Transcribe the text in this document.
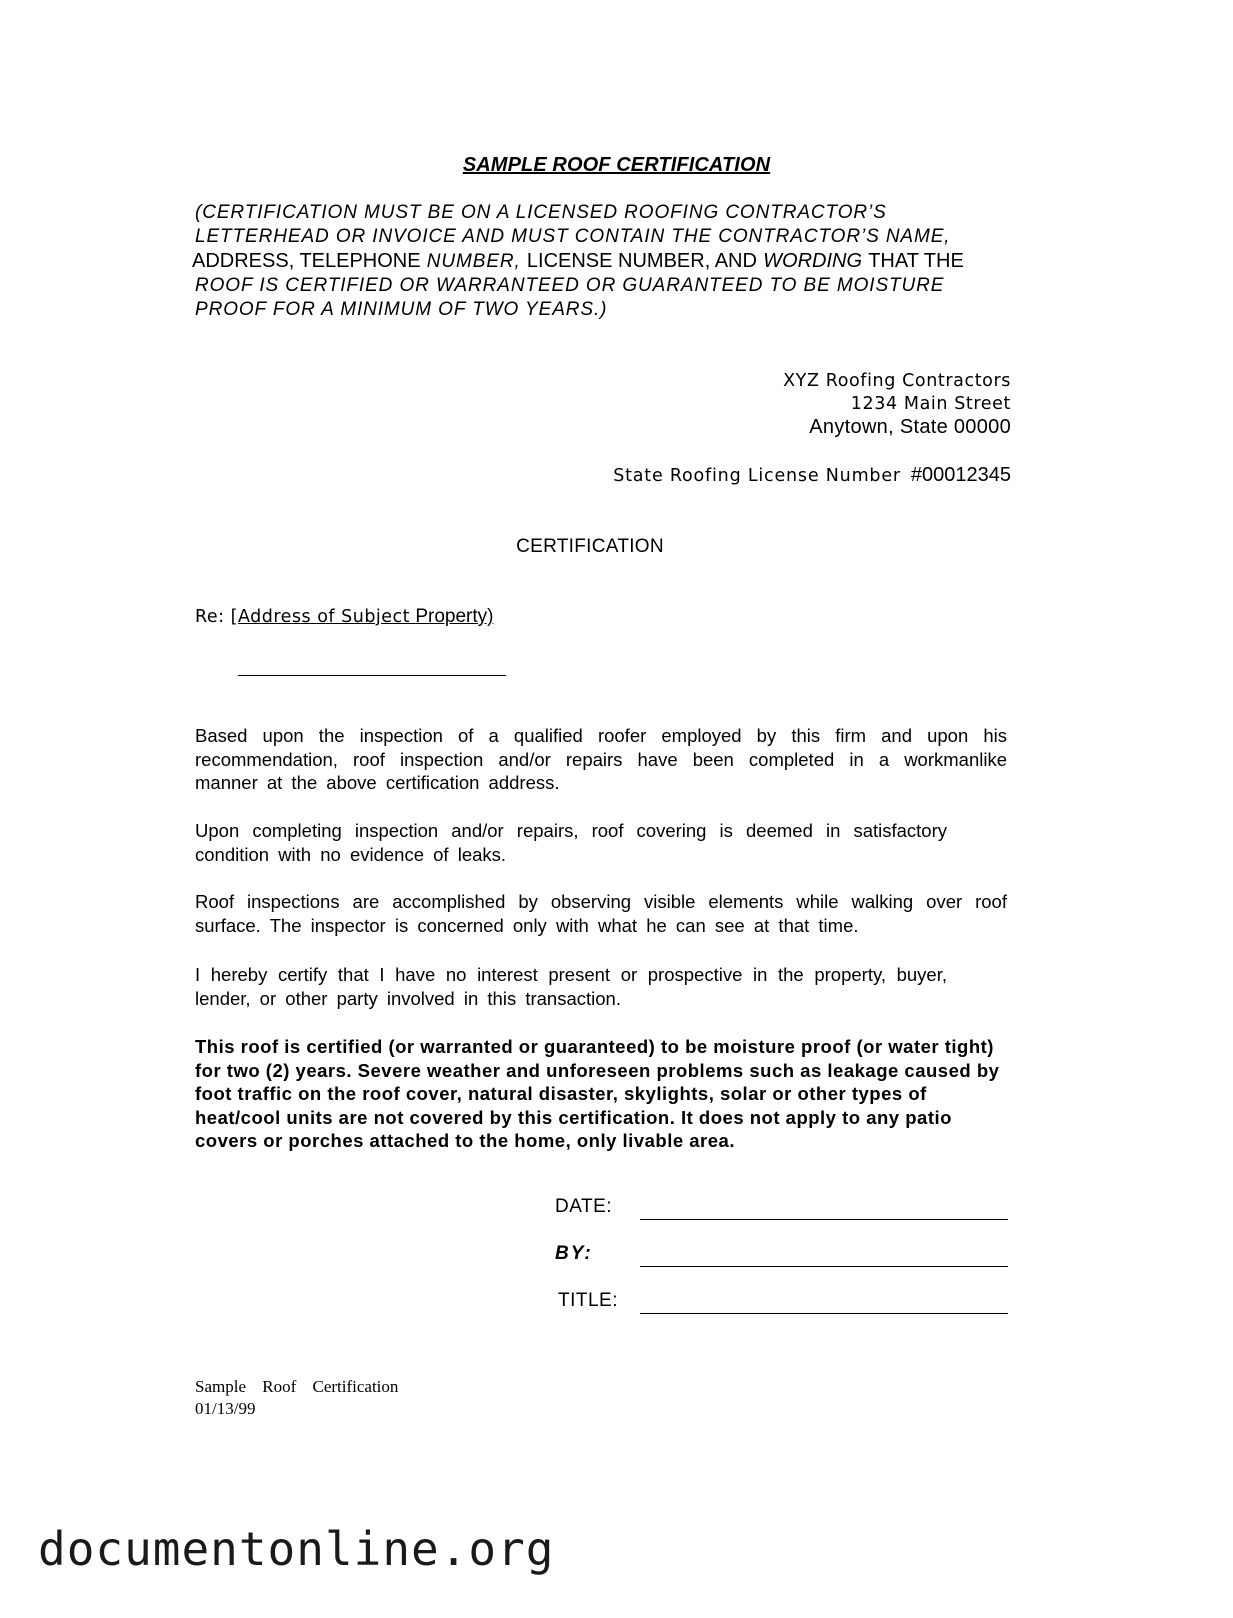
SAMPLE ROOF CERTIFICATION
(CERTIFICATION MUST BE ON A LICENSED ROOFING CONTRACTOR’S
LETTERHEAD OR INVOICE AND MUST CONTAIN THE CONTRACTOR’S NAME,
ADDRESS, TELEPHONE NUMBER, LICENSE NUMBER, AND WORDING THAT THE
ROOF IS CERTIFIED OR WARRANTEED OR GUARANTEED TO BE MOISTURE
PROOF FOR A MINIMUM OF TWO YEARS.)
XYZ Roofing Contractors
1234 Main Street
Anytown, State 00000
State Roofing License Number #00012345
CERTIFICATION
Re: [Address of Subject Property)
Based upon the inspection of a qualified roofer employed by this firm and upon his recommendation, roof inspection and/or repairs have been completed in a workmanlike manner at the above certification address.
Upon completing inspection and/or repairs, roof covering is deemed in satisfactory condition with no evidence of leaks.
Roof inspections are accomplished by observing visible elements while walking over roof surface. The inspector is concerned only with what he can see at that time.
I hereby certify that I have no interest present or prospective in the property, buyer, lender, or other party involved in this transaction.
This roof is certified (or warranted or guaranteed) to be moisture proof (or water tight) for two (2) years. Severe weather and unforeseen problems such as leakage caused by foot traffic on the roof cover, natural disaster, skylights, solar or other types of heat/cool units are not covered by this certification. It does not apply to any patio covers or porches attached to the home, only livable area.
DATE:
BY:
TITLE:
Sample Roof Certification
01/13/99
documentonline.org
